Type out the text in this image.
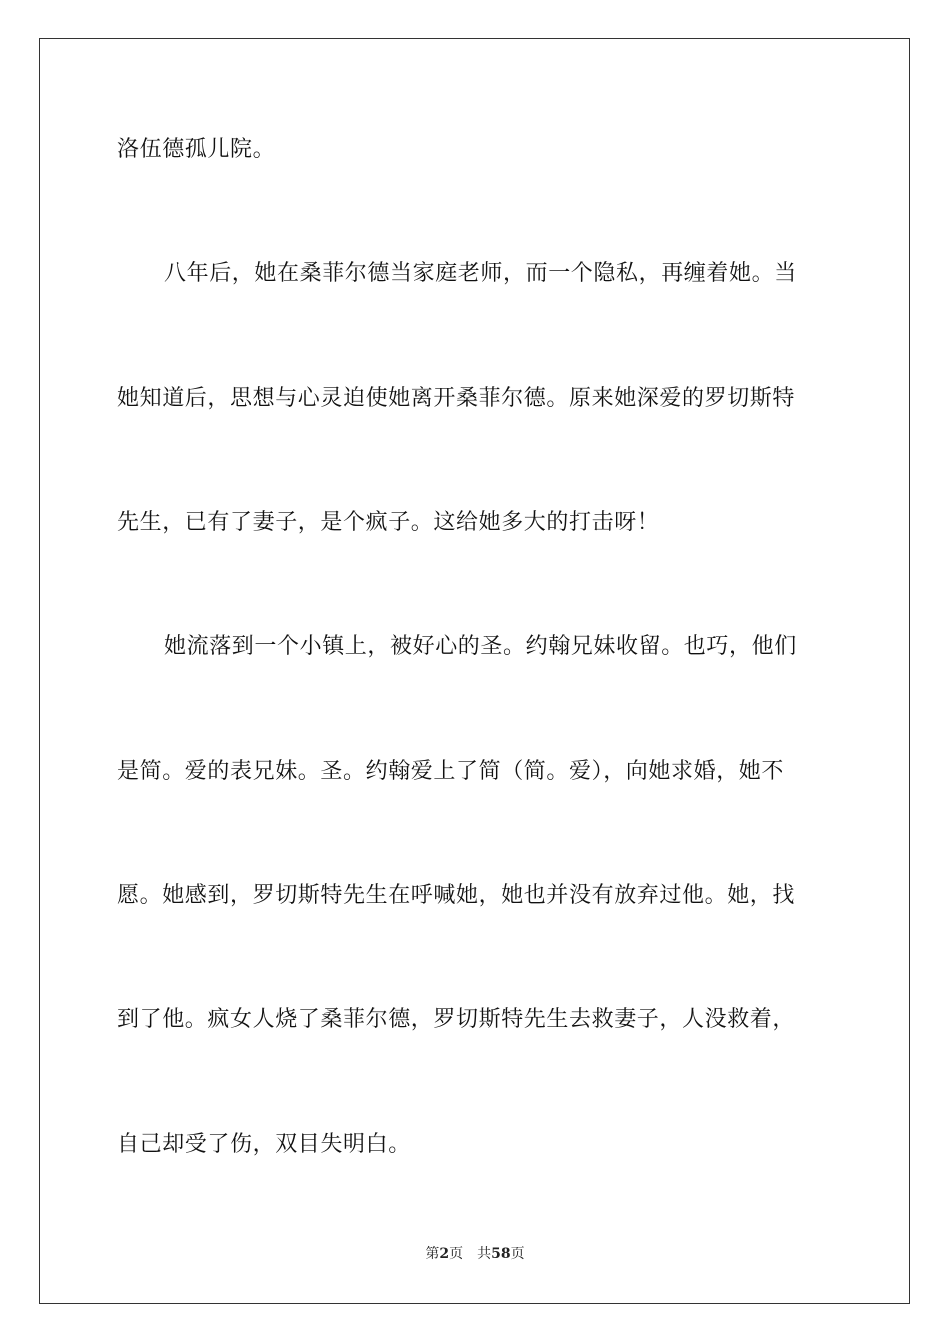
洛伍德孤儿院。
八年后，她在桑菲尔德当家庭老师，而一个隐私，再缠着她。当
她知道后，思想与心灵迫使她离开桑菲尔德。原来她深爱的罗切斯特
先生，已有了妻子，是个疯子。这给她多大的打击呀！
她流落到一个小镇上，被好心的圣。约翰兄妹收留。也巧，他们
是简。爱的表兄妹。圣。约翰爱上了简（简。爱），向她求婚，她不
愿。她感到，罗切斯特先生在呼喊她，她也并没有放弃过他。她，找
到了他。疯女人烧了桑菲尔德，罗切斯特先生去救妻子，人没救着，
自己却受了伤，双目失明白。
第2页 共58页
